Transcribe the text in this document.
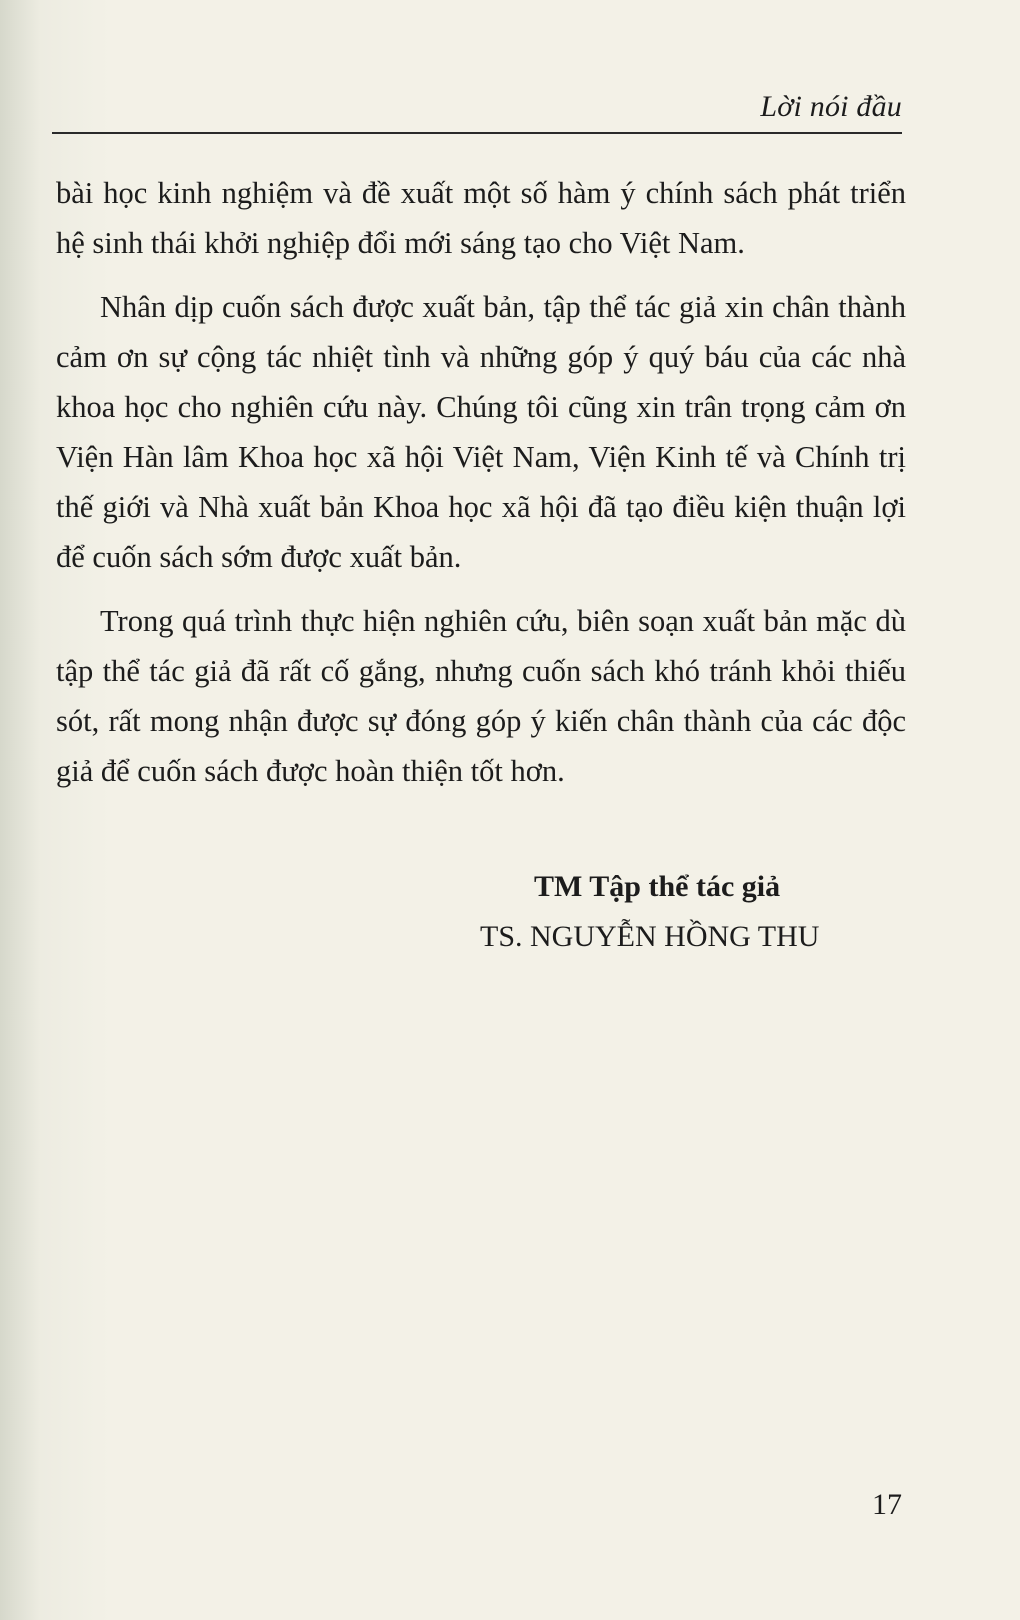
Lời nói đầu

bài học kinh nghiệm và đề xuất một số hàm ý chính sách phát triển hệ sinh thái khởi nghiệp đổi mới sáng tạo cho Việt Nam.

Nhân dịp cuốn sách được xuất bản, tập thể tác giả xin chân thành cảm ơn sự cộng tác nhiệt tình và những góp ý quý báu của các nhà khoa học cho nghiên cứu này. Chúng tôi cũng xin trân trọng cảm ơn Viện Hàn lâm Khoa học xã hội Việt Nam, Viện Kinh tế và Chính trị thế giới và Nhà xuất bản Khoa học xã hội đã tạo điều kiện thuận lợi để cuốn sách sớm được xuất bản.

Trong quá trình thực hiện nghiên cứu, biên soạn xuất bản mặc dù tập thể tác giả đã rất cố gắng, nhưng cuốn sách khó tránh khỏi thiếu sót, rất mong nhận được sự đóng góp ý kiến chân thành của các độc giả để cuốn sách được hoàn thiện tốt hơn.

TM Tập thể tác giả
TS. NGUYỄN HỒNG THU
17
